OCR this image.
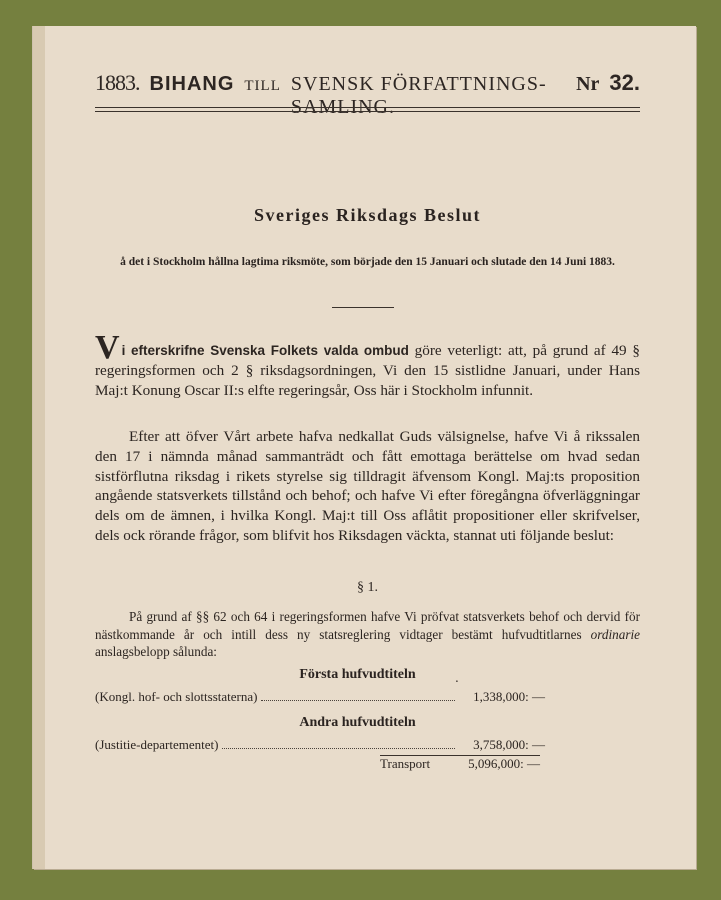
1883. BIHANG TILL SVENSK FÖRFATTNINGS-SAMLING.
Nr 32.
Sveriges Riksdags Beslut
å det i Stockholm hållna lagtima riksmöte, som började den 15 Januari och slutade den 14 Juni 1883.
Vi efterskrifne Svenska Folkets valda ombud göre veterligt: att, på grund af 49 § regeringsformen och 2 § riksdagsordningen, Vi den 15 sistlidne Januari, under Hans Maj:t Konung Oscar II:s elfte regeringsår, Oss här i Stockholm infunnit.
Efter att öfver Vårt arbete hafva nedkallat Guds välsignelse, hafve Vi å rikssalen den 17 i nämnda månad sammanträdt och fått emottaga berättelse om hvad sedan sistförflutna riksdag i rikets styrelse sig tilldragit äfvensom Kongl. Maj:ts proposition angående statsverkets tillstånd och behof; och hafve Vi efter föregångna öfverläggningar dels om de ämnen, i hvilka Kongl. Maj:t till Oss aflåtit propositioner eller skrifvelser, dels ock rörande frågor, som blifvit hos Riksdagen väckta, stannat uti följande beslut:
§ 1.
På grund af §§ 62 och 64 i regeringsformen hafve Vi pröfvat statsverkets behof och dervid för nästkommande år och intill dess ny statsreglering vidtager bestämt hufvudtitlarnes ordinarie anslagsbelopp sålunda:
Första hufvudtiteln	.
(Kongl. hof- och slottsstaterna)	1,338,000: —
Andra hufvudtiteln
(Justitie-departementet)	3,758,000: —
Transport	5,096,000: —
